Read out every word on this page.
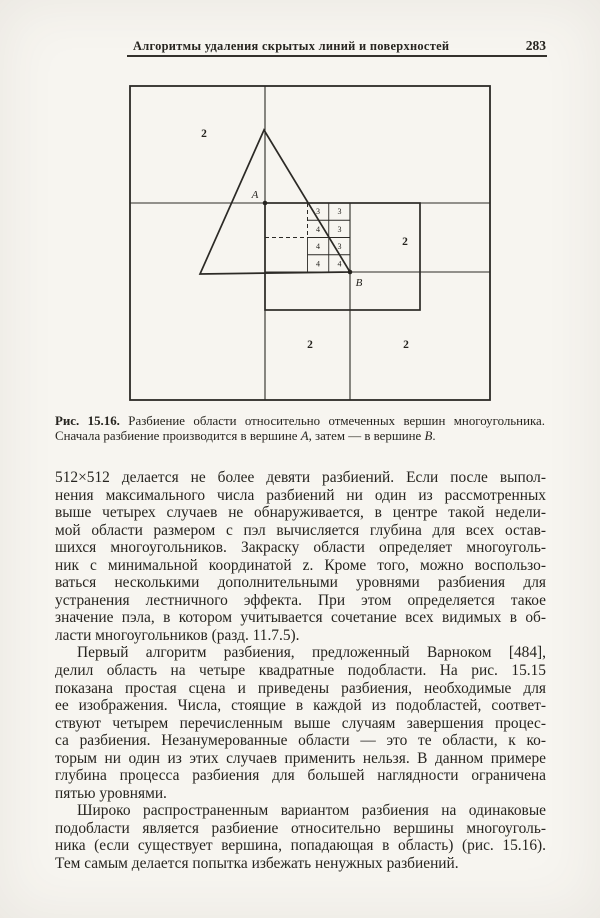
Алгоритмы удаления скрытых линий и поверхностей	283
A
B
2
2
2	2
3 3
4 3
4 3
4 4
Рис. 15.16. Разбиение области относительно отмеченных вершин многоугольника.
Сначала разбиение производится в вершине A, затем — в вершине B.
512×512 делается не более девяти разбиений. Если после выпол-
нения максимального числа разбиений ни один из рассмотренных
выше четырех случаев не обнаруживается, в центре такой недели-
мой области размером с пэл вычисляется глубина для всех остав-
шихся многоугольников. Закраску области определяет многоуголь-
ник с минимальной координатой z. Кроме того, можно воспользо-
ваться несколькими дополнительными уровнями разбиения для
устранения лестничного эффекта. При этом определяется такое
значение пэла, в котором учитывается сочетание всех видимых в об-
ласти многоугольников (разд. 11.7.5).
Первый алгоритм разбиения, предложенный Варноком [484],
делил область на четыре квадратные подобласти. На рис. 15.15
показана простая сцена и приведены разбиения, необходимые для
ее изображения. Числа, стоящие в каждой из подобластей, соответ-
ствуют четырем перечисленным выше случаям завершения процес-
са разбиения. Незанумерованные области — это те области, к ко-
торым ни один из этих случаев применить нельзя. В данном примере
глубина процесса разбиения для большей наглядности ограничена
пятью уровнями.
Широко распространенным вариантом разбиения на одинаковые
подобласти является разбиение относительно вершины многоуголь-
ника (если существует вершина, попадающая в область) (рис. 15.16).
Тем самым делается попытка избежать ненужных разбиений.
